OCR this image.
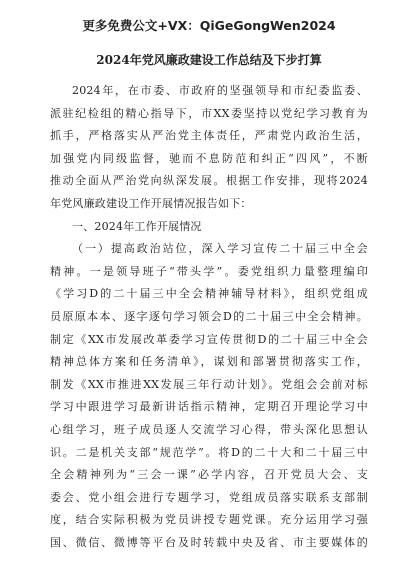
更多免费公文+VX：QiGeGongWen2024
2024年党风廉政建设工作总结及下步打算
2024年，在市委、市政府的坚强领导和市纪委监委、
派驻纪检组的精心指导下，市XX委坚持以党纪学习教育为
抓手，严格落实从严治党主体责任，严肃党内政治生活，
加强党内同级监督，驰而不息防范和纠正“四风”，不断
推动全面从严治党向纵深发展。根据工作安排，现将2024
年党风廉政建设工作开展情况报告如下：
一、2024年工作开展情况
（一）提高政治站位，深入学习宣传二十届三中全会
精神。一是领导班子“带头学”。委党组织力量整理编印
《学习D的二十届三中全会精神辅导材料》，组织党组成
员原原本本、逐字逐句学习领会D的二十届三中全会精神。
制定《XX市发展改革委学习宣传贯彻D的二十届三中全会
精神总体方案和任务清单》，谋划和部署贯彻落实工作，
制发《XX市推进XX发展三年行动计划》。党组会会前对标
学习中跟进学习最新讲话指示精神，定期召开理论学习中
心组学习，班子成员逐人交流学习心得，带头深化思想认
识。二是机关支部“规范学”。将D的二十大和二十届三中
全会精神列为“三会一课”必学内容，召开党员大会、支
委会、党小组会进行专题学习，党组成员落实联系支部制
度，结合实际积极为党员讲授专题党课。充分运用学习强
国、微信、微博等平台及时转载中央及省、市主要媒体的
